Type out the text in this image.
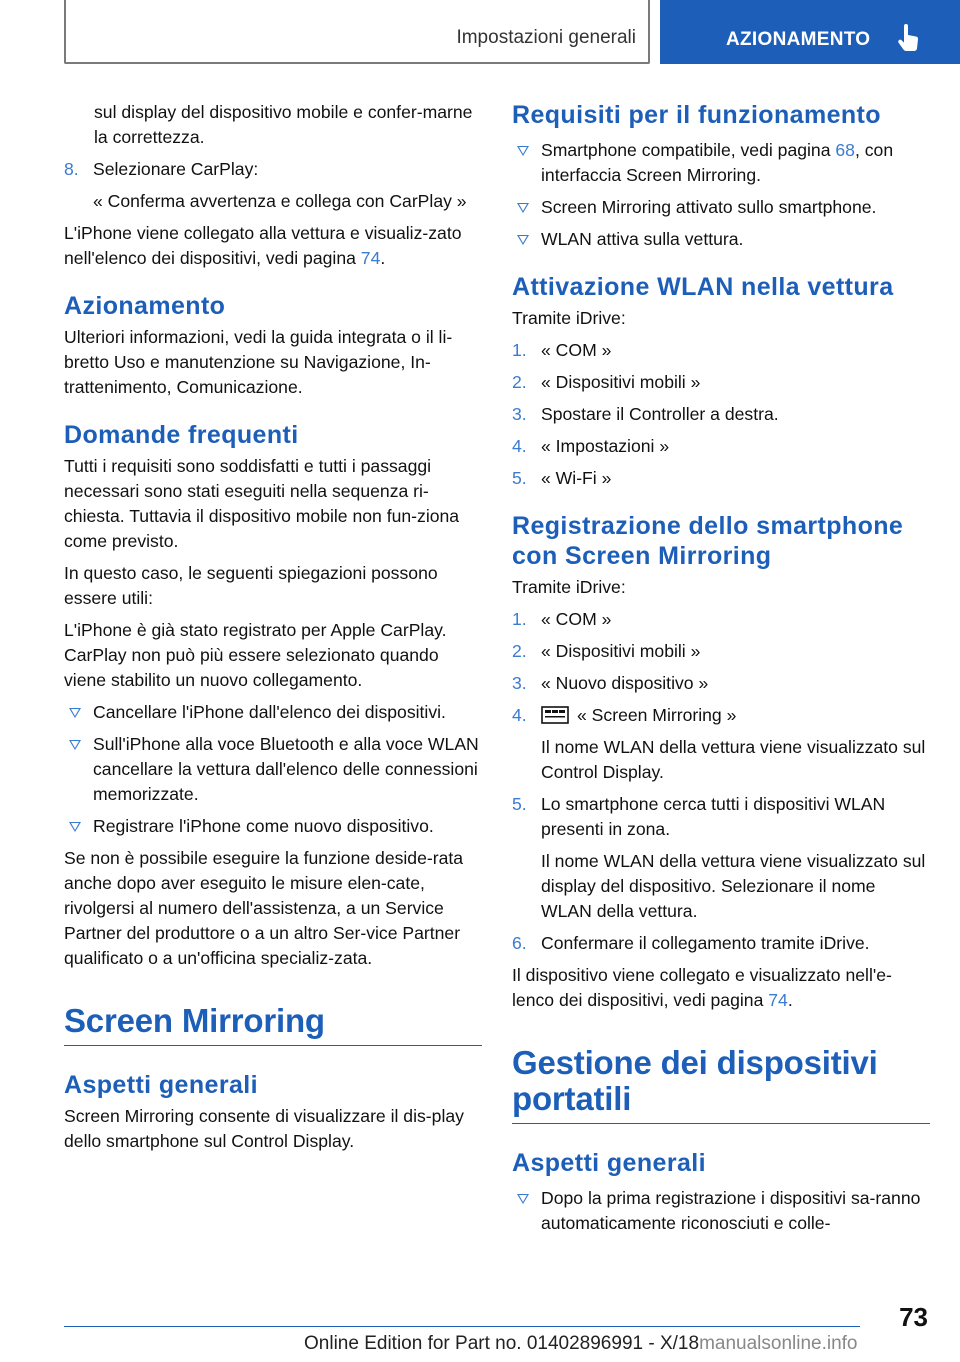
Impostazioni generali	AZIONAMENTO

sul display del dispositivo mobile e confer-marne la correttezza.

8. Selezionare CarPlay:
« Conferma avvertenza e collega con CarPlay »

L'iPhone viene collegato alla vettura e visualiz-zato nell'elenco dei dispositivi, vedi pagina 74.

Azionamento

Ulteriori informazioni, vedi la guida integrata o il li-bretto Uso e manutenzione su Navigazione, In-trattenimento, Comunicazione.

Domande frequenti

Tutti i requisiti sono soddisfatti e tutti i passaggi necessari sono stati eseguiti nella sequenza ri-chiesta. Tuttavia il dispositivo mobile non fun-ziona come previsto.

In questo caso, le seguenti spiegazioni possono essere utili:

L'iPhone è già stato registrato per Apple CarPlay. CarPlay non può più essere selezionato quando viene stabilito un nuovo collegamento.

Cancellare l'iPhone dall'elenco dei dispositivi.
Sull'iPhone alla voce Bluetooth e alla voce WLAN cancellare la vettura dall'elenco delle connessioni memorizzate.
Registrare l'iPhone come nuovo dispositivo.

Se non è possibile eseguire la funzione deside-rata anche dopo aver eseguito le misure elen-cate, rivolgersi al numero dell'assistenza, a un Service Partner del produttore o a un altro Ser-vice Partner qualificato o a un'officina specializ-zata.

Screen Mirroring
Aspetti generali

Screen Mirroring consente di visualizzare il dis-play dello smartphone sul Control Display.

Requisiti per il funzionamento
Smartphone compatibile, vedi pagina 68, con interfaccia Screen Mirroring.
Screen Mirroring attivato sullo smartphone.
WLAN attiva sulla vettura.
Attivazione WLAN nella vettura

Tramite iDrive:

1. « COM »
2. « Dispositivi mobili »
3. Spostare il Controller a destra.
4. « Impostazioni »
5. « Wi-Fi »
Registrazione dello smartphone con Screen Mirroring

Tramite iDrive:

1. « COM »
2. « Dispositivi mobili »
3. « Nuovo dispositivo »
4.	« Screen Mirroring »
Il nome WLAN della vettura viene visualizzato sul Control Display.
5. Lo smartphone cerca tutti i dispositivi WLAN presenti in zona.
Il nome WLAN della vettura viene visualizzato sul display del dispositivo. Selezionare il nome WLAN della vettura.
6. Confermare il collegamento tramite iDrive.

Il dispositivo viene collegato e visualizzato nell'e-lenco dei dispositivi, vedi pagina 74.

Gestione dei dispositivi portatili
Aspetti generali
Dopo la prima registrazione i dispositivi sa-ranno automaticamente riconosciuti e colle-
73
Online Edition for Part no. 01402896991 - X/18manualsonline.info
